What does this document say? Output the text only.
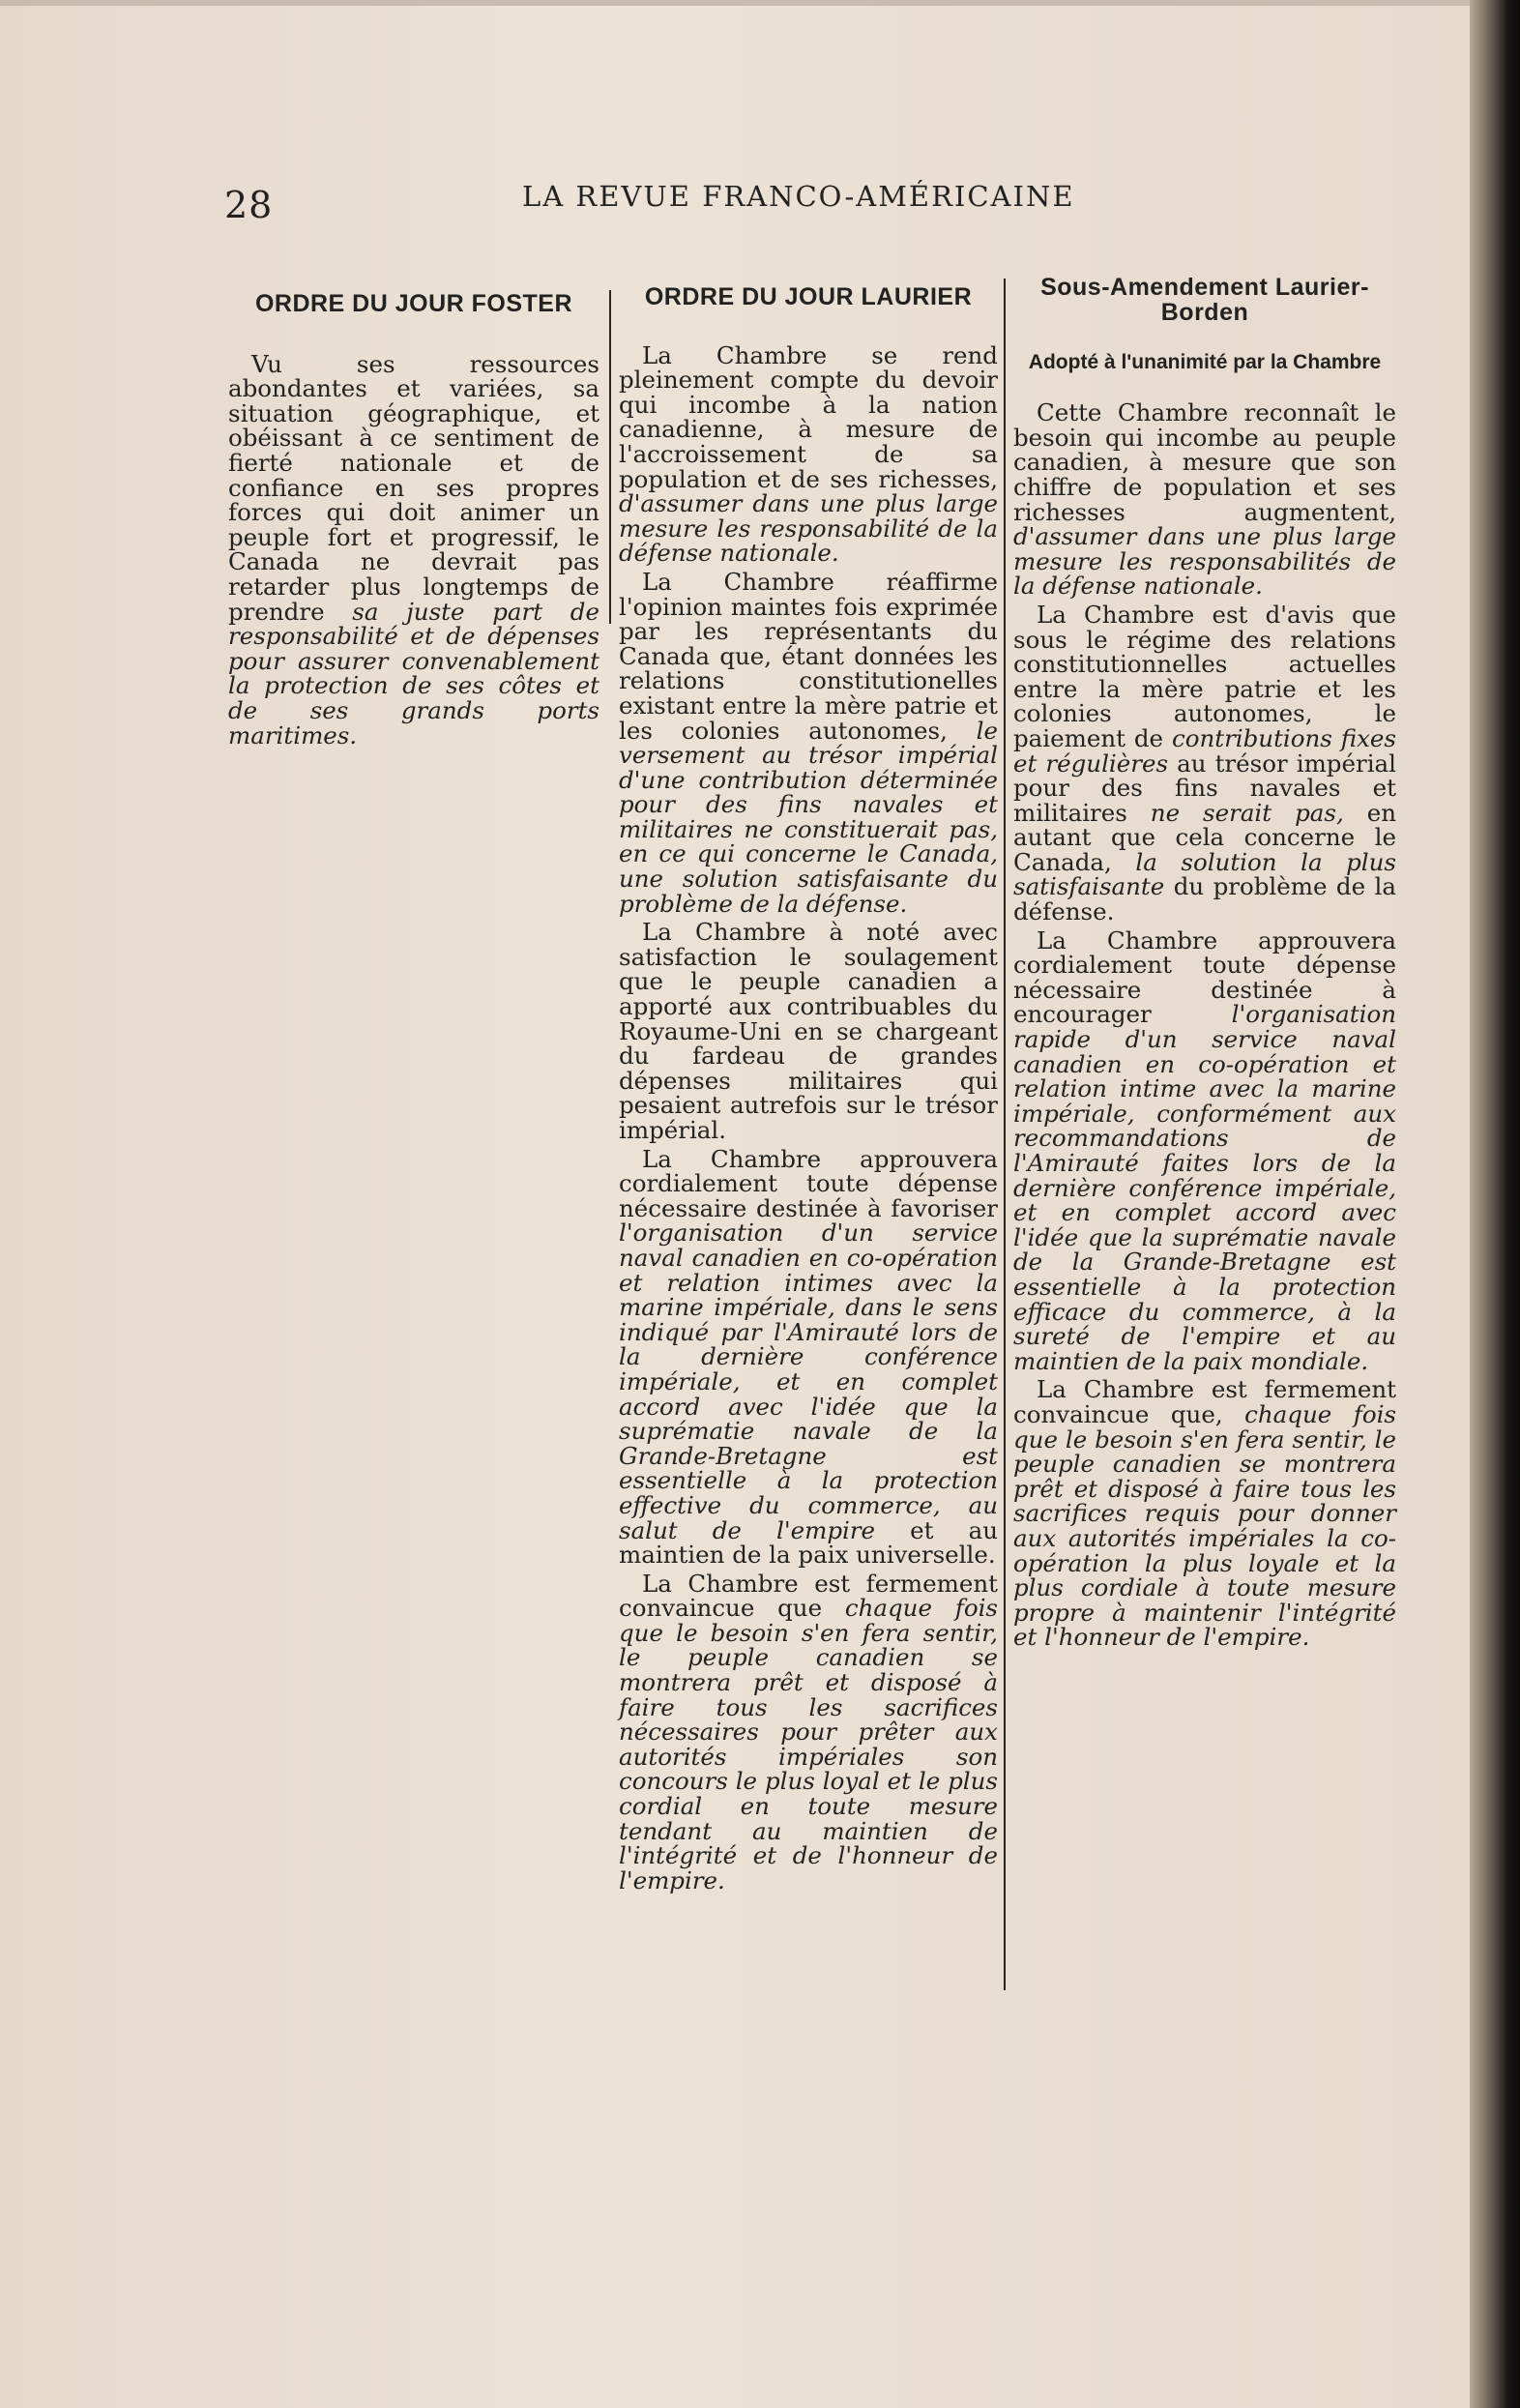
28	LA REVUE FRANCO-AMÉRICAINE

ORDRE DU JOUR FOSTER

Vu ses ressources abondantes et variées, sa situation géographique, et obéissant à ce sentiment de fierté nationale et de confiance en ses propres forces qui doit animer un peuple fort et progressif, le Canada ne devrait pas retarder plus longtemps de prendre sa juste part de responsabilité et de dépenses pour assurer convenablement la protection de ses côtes et de ses grands ports maritimes.

ORDRE DU JOUR LAURIER

La Chambre se rend pleinement compte du devoir qui incombe à la nation canadienne, à mesure de l'accroissement de sa population et de ses richesses, d'assumer dans une plus large mesure les responsabilité de la défense nationale.

La Chambre réaffirme l'opinion maintes fois exprimée par les représentants du Canada que, étant données les relations constitutionelles existant entre la mère patrie et les colonies autonomes, le versement au trésor impérial d'une contribution déterminée pour des fins navales et militaires ne constituerait pas, en ce qui concerne le Canada, une solution satisfaisante du problème de la défense.

La Chambre à noté avec satisfaction le soulagement que le peuple canadien a apporté aux contribuables du Royaume-Uni en se chargeant du fardeau de grandes dépenses militaires qui pesaient autrefois sur le trésor impérial.

La Chambre approuvera cordialement toute dépense nécessaire destinée à favoriser l'organisation d'un service naval canadien en co-opération et relation intimes avec la marine impériale, dans le sens indiqué par l'Amirauté lors de la dernière conférence impériale, et en complet accord avec l'idée que la suprématie navale de la Grande-Bretagne est essentielle à la protection effective du commerce, au salut de l'empire et au maintien de la paix universelle.

La Chambre est fermement convaincue que chaque fois que le besoin s'en fera sentir, le peuple canadien se montrera prêt et disposé à faire tous les sacrifices nécessaires pour prêter aux autorités impériales son concours le plus loyal et le plus cordial en toute mesure tendant au maintien de l'intégrité et de l'honneur de l'empire.

Sous-Amendement Laurier-Borden

Adopté à l'unanimité par la Chambre

Cette Chambre reconnaît le besoin qui incombe au peuple canadien, à mesure que son chiffre de population et ses richesses augmentent, d'assumer dans une plus large mesure les responsabilités de la défense nationale.

La Chambre est d'avis que sous le régime des relations constitutionnelles actuelles entre la mère patrie et les colonies autonomes, le paiement de contributions fixes et régulières au trésor impérial pour des fins navales et militaires ne serait pas, en autant que cela concerne le Canada, la solution la plus satisfaisante du problème de la défense.

La Chambre approuvera cordialement toute dépense nécessaire destinée à encourager l'organisation rapide d'un service naval canadien en co-opération et relation intime avec la marine impériale, conformément aux recommandations de l'Amirauté faites lors de la dernière conférence impériale, et en complet accord avec l'idée que la suprématie navale de la Grande-Bretagne est essentielle à la protection efficace du commerce, à la sureté de l'empire et au maintien de la paix mondiale.

La Chambre est fermement convaincue que, chaque fois que le besoin s'en fera sentir, le peuple canadien se montrera prêt et disposé à faire tous les sacrifices requis pour donner aux autorités impériales la co-opération la plus loyale et la plus cordiale à toute mesure propre à maintenir l'intégrité et l'honneur de l'empire.
